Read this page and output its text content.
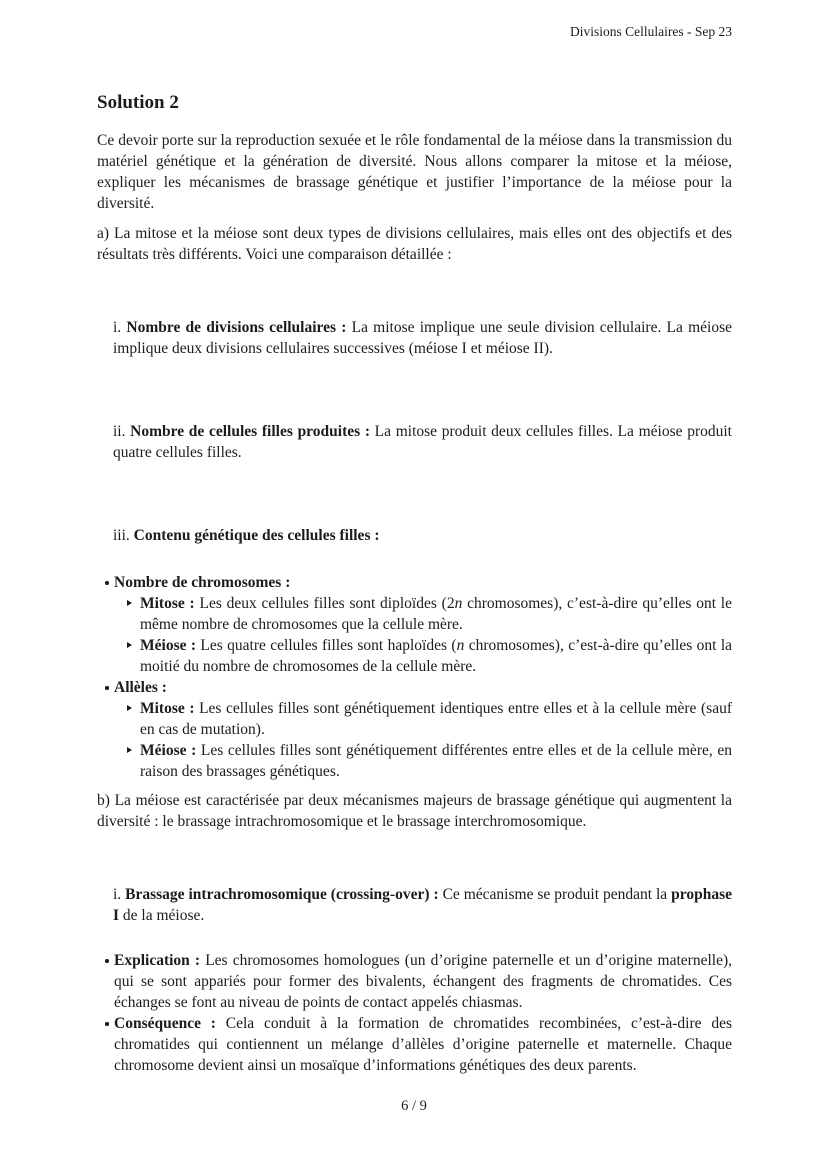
Divisions Cellulaires - Sep 23
Solution 2

Ce devoir porte sur la reproduction sexuée et le rôle fondamental de la méiose dans la transmission du matériel génétique et la génération de diversité. Nous allons comparer la mitose et la méiose, expliquer les mécanismes de brassage génétique et justifier l’importance de la méiose pour la diversité.

a) La mitose et la méiose sont deux types de divisions cellulaires, mais elles ont des objectifs et des résultats très différents. Voici une comparaison détaillée :

i. Nombre de divisions cellulaires : La mitose implique une seule division cellulaire. La méiose implique deux divisions cellulaires successives (méiose I et méiose II).

ii. Nombre de cellules filles produites : La mitose produit deux cellules filles. La méiose produit quatre cellules filles.

iii. Contenu génétique des cellules filles :

Nombre de chromosomes :

Mitose : Les deux cellules filles sont diploïdes (2n chromosomes), c’est-à-dire qu’elles ont le même nombre de chromosomes que la cellule mère.

Méiose : Les quatre cellules filles sont haploïdes (n chromosomes), c’est-à-dire qu’elles ont la moitié du nombre de chromosomes de la cellule mère.

Allèles :

Mitose : Les cellules filles sont génétiquement identiques entre elles et à la cellule mère (sauf en cas de mutation).

Méiose : Les cellules filles sont génétiquement différentes entre elles et de la cellule mère, en raison des brassages génétiques.

b) La méiose est caractérisée par deux mécanismes majeurs de brassage génétique qui augmentent la diversité : le brassage intrachromosomique et le brassage interchromosomique.

i. Brassage intrachromosomique (crossing-over) : Ce mécanisme se produit pendant la prophase I de la méiose.

Explication : Les chromosomes homologues (un d’origine paternelle et un d’origine maternelle), qui se sont appariés pour former des bivalents, échangent des fragments de chromatides. Ces échanges se font au niveau de points de contact appelés chiasmas.

Conséquence : Cela conduit à la formation de chromatides recombinées, c’est-à-dire des chromatides qui contiennent un mélange d’allèles d’origine paternelle et maternelle. Chaque chromosome devient ainsi un mosaïque d’informations génétiques des deux parents.

6 / 9
